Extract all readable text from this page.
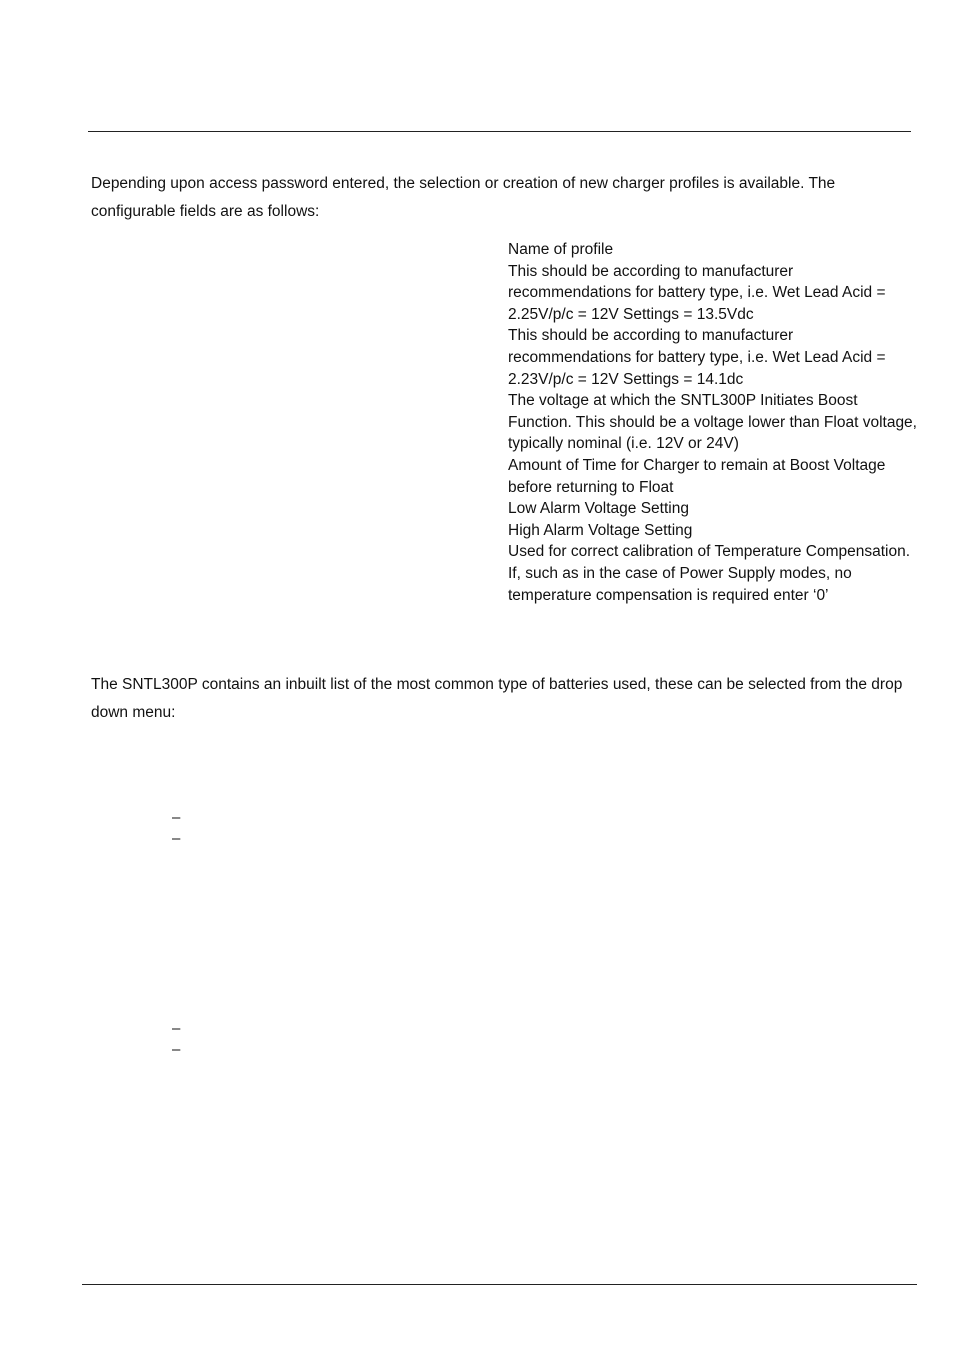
Depending upon access password entered, the selection or creation of new charger profiles is available. The configurable fields are as follows:

Name of profile
This should be according to manufacturer recommendations for battery type, i.e. Wet Lead Acid = 2.25V/p/c = 12V Settings = 13.5Vdc
This should be according to manufacturer recommendations for battery type, i.e. Wet Lead Acid = 2.23V/p/c = 12V Settings = 14.1dc
The voltage at which the SNTL300P Initiates Boost Function. This should be a voltage lower than Float voltage, typically nominal (i.e. 12V or 24V)
Amount of Time for Charger to remain at Boost Voltage before returning to Float
Low Alarm Voltage Setting
High Alarm Voltage Setting
Used for correct calibration of Temperature Compensation. If, such as in the case of Power Supply modes, no temperature compensation is required enter ‘0’

The SNTL300P contains an inbuilt list of the most common type of batteries used, these can be selected from the drop down menu:

–
–
–
–
